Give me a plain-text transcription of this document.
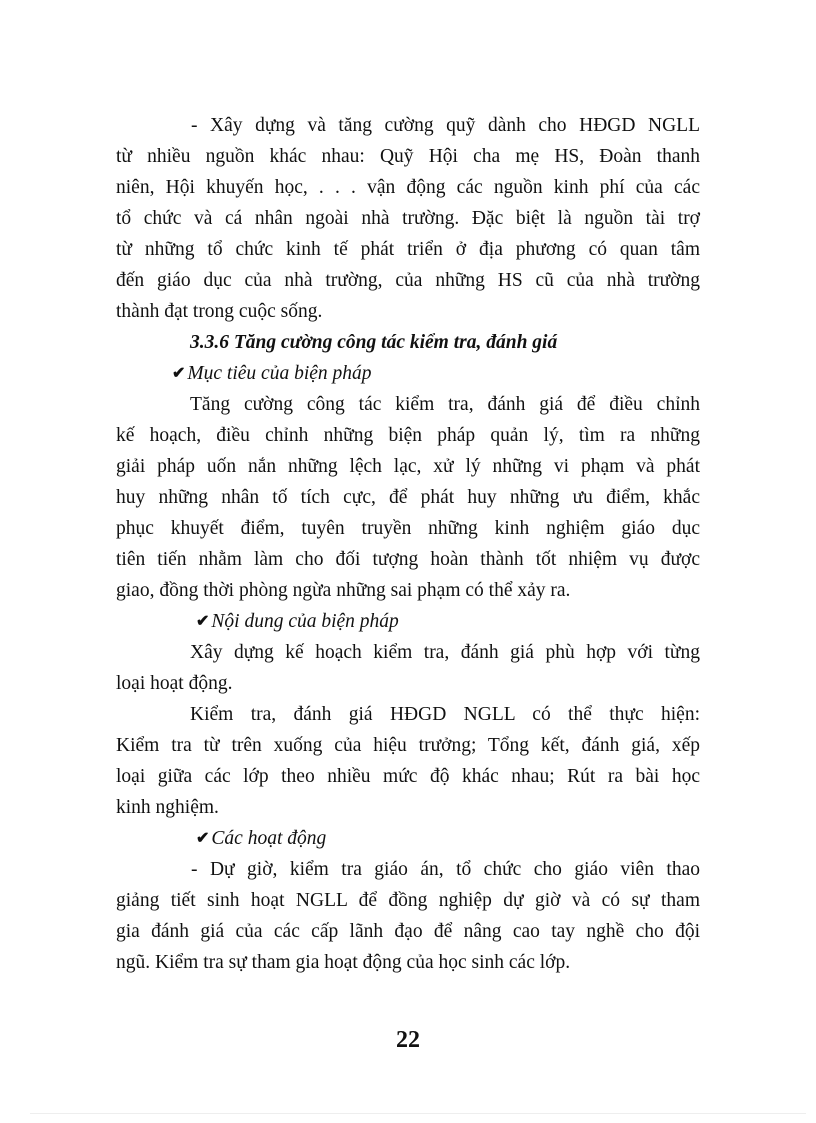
- Xây dựng và tăng cường quỹ dành cho HĐGD NGLL

từ nhiều nguồn khác nhau: Quỹ Hội cha mẹ HS, Đoàn thanh

niên, Hội khuyến học, . . . vận động các nguồn kinh phí của các

tổ chức và cá nhân ngoài nhà trường. Đặc biệt là nguồn tài trợ

từ những tổ chức kinh tế phát triển ở địa phương có quan tâm

đến giáo dục của nhà trường, của những HS cũ của nhà trường

thành đạt trong cuộc sống.

3.3.6 Tăng cường công tác kiểm tra, đánh giá

✔ Mục tiêu của biện pháp

Tăng cường công tác kiểm tra, đánh giá để điều chỉnh

kế hoạch, điều chỉnh những biện pháp quản lý, tìm ra những

giải pháp uốn nắn những lệch lạc, xử lý những vi phạm và phát

huy những nhân tố tích cực, để phát huy những ưu điểm, khắc

phục khuyết điểm, tuyên truyền những kinh nghiệm giáo dục

tiên tiến nhằm làm cho đối tượng hoàn thành tốt nhiệm vụ được

giao, đồng thời phòng ngừa những sai phạm có thể xảy ra.

✔ Nội dung của biện pháp

Xây dựng kế hoạch kiểm tra, đánh giá phù hợp với từng

loại hoạt động.

Kiểm tra, đánh giá HĐGD NGLL có thể thực hiện:

Kiểm tra từ trên xuống của hiệu trưởng; Tổng kết, đánh giá, xếp

loại giữa các lớp theo nhiều mức độ khác nhau; Rút ra bài học

kinh nghiệm.

✔ Các hoạt động

- Dự giờ, kiểm tra giáo án, tổ chức cho giáo viên thao

giảng tiết sinh hoạt NGLL để đồng nghiệp dự giờ và có sự tham

gia đánh giá của các cấp lãnh đạo để nâng cao tay nghề cho đội

ngũ. Kiểm tra sự tham gia hoạt động của học sinh các lớp.

22
